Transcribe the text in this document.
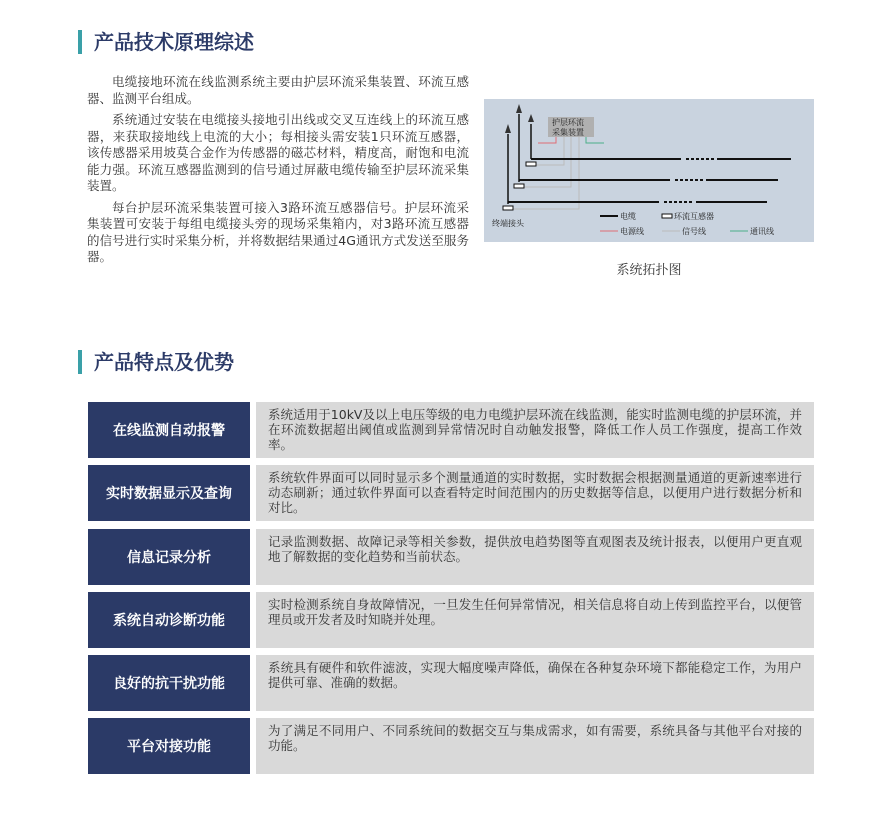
产品技术原理综述

电缆接地环流在线监测系统主要由护层环流采集装置、环流互感器、监测平台组成。

系统通过安装在电缆接头接地引出线或交叉互连线上的环流互感器，来获取接地线上电流的大小；每相接头需安装1只环流互感器，该传感器采用坡莫合金作为传感器的磁芯材料，精度高，耐饱和电流能力强。环流互感器监测到的信号通过屏蔽电缆传输至护层环流采集装置。

每台护层环流采集装置可接入3路环流互感器信号。护层环流采集装置可安装于每组电缆接头旁的现场采集箱内，对3路环流互感器的信号进行实时采集分析，并将数据结果通过4G通讯方式发送至服务器。

护层环流
采集装置
终端接头
电缆	环流互感器
电源线	信号线	通讯线
系统拓扑图
产品特点及优势
在线监测自动报警
系统适用于10kV及以上电压等级的电力电缆护层环流在线监测，能实时监测电缆的护层环流，并在环流数据超出阈值或监测到异常情况时自动触发报警，降低工作人员工作强度，提高工作效率。
实时数据显示及查询
系统软件界面可以同时显示多个测量通道的实时数据，实时数据会根据测量通道的更新速率进行动态刷新；通过软件界面可以查看特定时间范围内的历史数据等信息，以便用户进行数据分析和对比。
信息记录分析
记录监测数据、故障记录等相关参数，提供放电趋势图等直观图表及统计报表，以便用户更直观地了解数据的变化趋势和当前状态。
系统自动诊断功能
实时检测系统自身故障情况，一旦发生任何异常情况，相关信息将自动上传到监控平台，以便管理员或开发者及时知晓并处理。
良好的抗干扰功能
系统具有硬件和软件滤波，实现大幅度噪声降低，确保在各种复杂环境下都能稳定工作，为用户提供可靠、准确的数据。
平台对接功能
为了满足不同用户、不同系统间的数据交互与集成需求，如有需要，系统具备与其他平台对接的功能。
